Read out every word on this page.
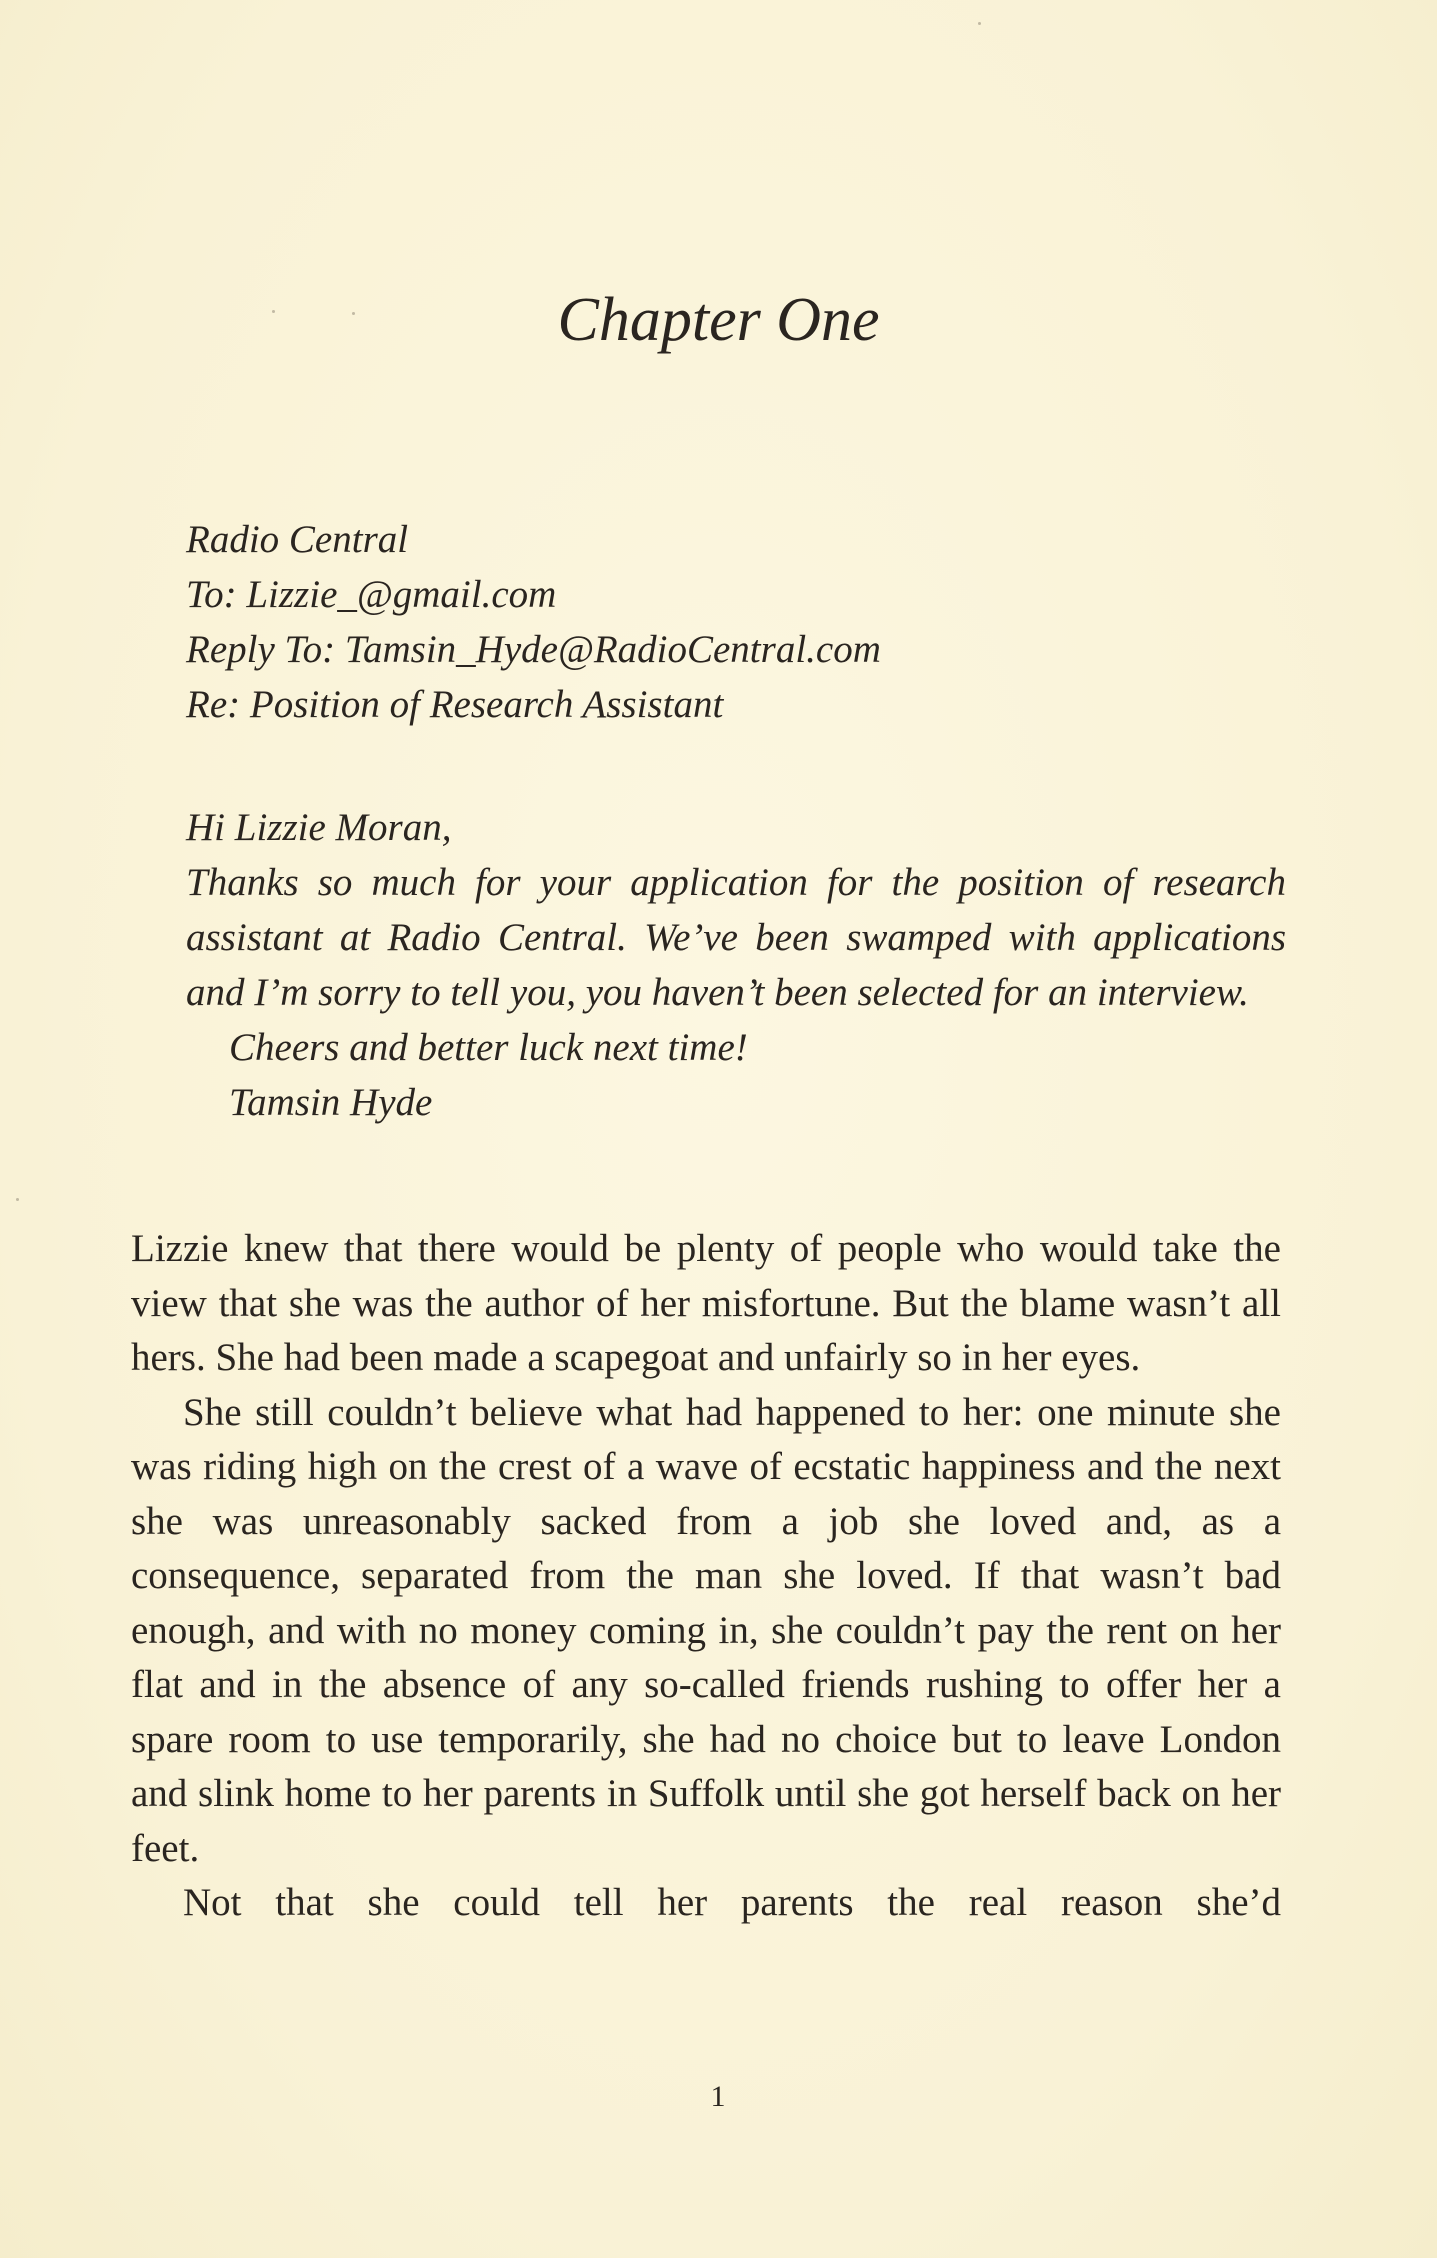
Chapter One
Radio Central
To: Lizzie_@gmail.com
Reply To: Tamsin_Hyde@RadioCentral.com
Re: Position of Research Assistant
Hi Lizzie Moran,
Thanks so much for your application for the position of research assistant at Radio Central. We’ve been swamped with applications and I’m sorry to tell you, you haven’t been selected for an interview.
Cheers and better luck next time!
Tamsin Hyde

Lizzie knew that there would be plenty of people who would take the view that she was the author of her misfortune. But the blame wasn’t all hers. She had been made a scapegoat and unfairly so in her eyes.

She still couldn’t believe what had happened to her: one minute she was riding high on the crest of a wave of ecstatic happiness and the next she was unreasonably sacked from a job she loved and, as a consequence, separated from the man she loved. If that wasn’t bad enough, and with no money coming in, she couldn’t pay the rent on her flat and in the absence of any so-called friends rushing to offer her a spare room to use temporarily, she had no choice but to leave London and slink home to her parents in Suffolk until she got herself back on her feet.

Not that she could tell her parents the real reason she’d

1
